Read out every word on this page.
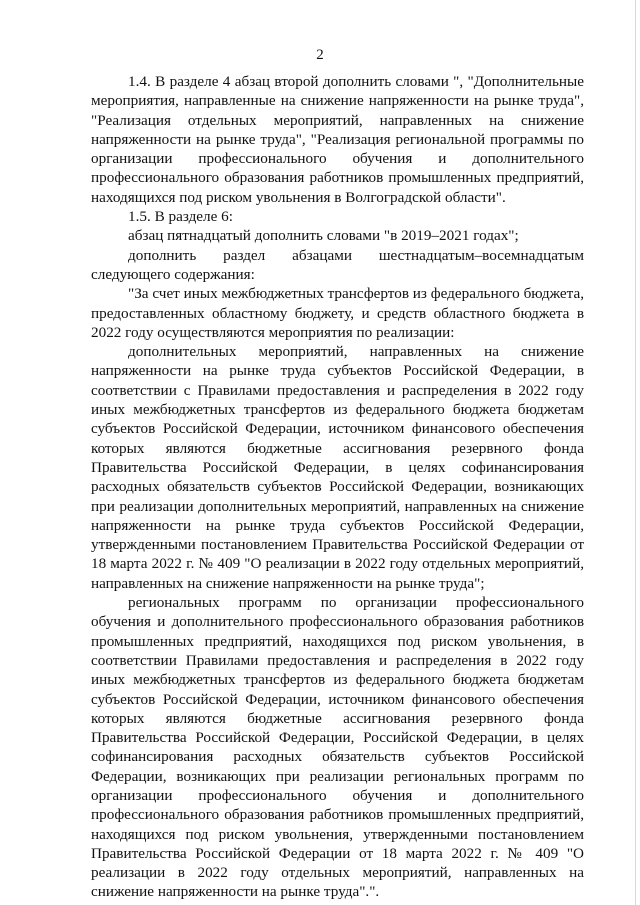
2

1.4. В разделе 4 абзац второй дополнить словами ", "Дополнительные мероприятия, направленные на снижение напряженности на рынке труда", "Реализация отдельных мероприятий, направленных на снижение напряженности на рынке труда", "Реализация региональной программы по организации профессионального обучения и дополнительного профессионального образования работников промышленных предприятий, находящихся под риском увольнения в Волгоградской области".

1.5. В разделе 6:

абзац пятнадцатый дополнить словами "в 2019–2021 годах";

дополнить раздел абзацами шестнадцатым–восемнадцатым следующего содержания:

"За счет иных межбюджетных трансфертов из федерального бюджета, предоставленных областному бюджету, и средств областного бюджета в 2022 году осуществляются мероприятия по реализации:

дополнительных мероприятий, направленных на снижение напряженности на рынке труда субъектов Российской Федерации, в соответствии с Правилами предоставления и распределения в 2022 году иных межбюджетных трансфертов из федерального бюджета бюджетам субъектов Российской Федерации, источником финансового обеспечения которых являются бюджетные ассигнования резервного фонда Правительства Российской Федерации, в целях софинансирования расходных обязательств субъектов Российской Федерации, возникающих при реализации дополнительных мероприятий, направленных на снижение напряженности на рынке труда субъектов Российской Федерации, утвержденными постановлением Правительства Российской Федерации от 18 марта 2022 г. № 409 "О реализации в 2022 году отдельных мероприятий, направленных на снижение напряженности на рынке труда";

региональных программ по организации профессионального обучения и дополнительного профессионального образования работников промышленных предприятий, находящихся под риском увольнения, в соответствии Правилами предоставления и распределения в 2022 году иных межбюджетных трансфертов из федерального бюджета бюджетам субъектов Российской Федерации, источником финансового обеспечения которых являются бюджетные ассигнования резервного фонда Правительства Российской Федерации, Российской Федерации, в целях софинансирования расходных обязательств субъектов Российской Федерации, возникающих при реализации региональных программ по организации профессионального обучения и дополнительного профессионального образования работников промышленных предприятий, находящихся под риском увольнения, утвержденными постановлением Правительства Российской Федерации от 18 марта 2022 г. № 409 "О реализации в 2022 году отдельных мероприятий, направленных на снижение напряженности на рынке труда".".
